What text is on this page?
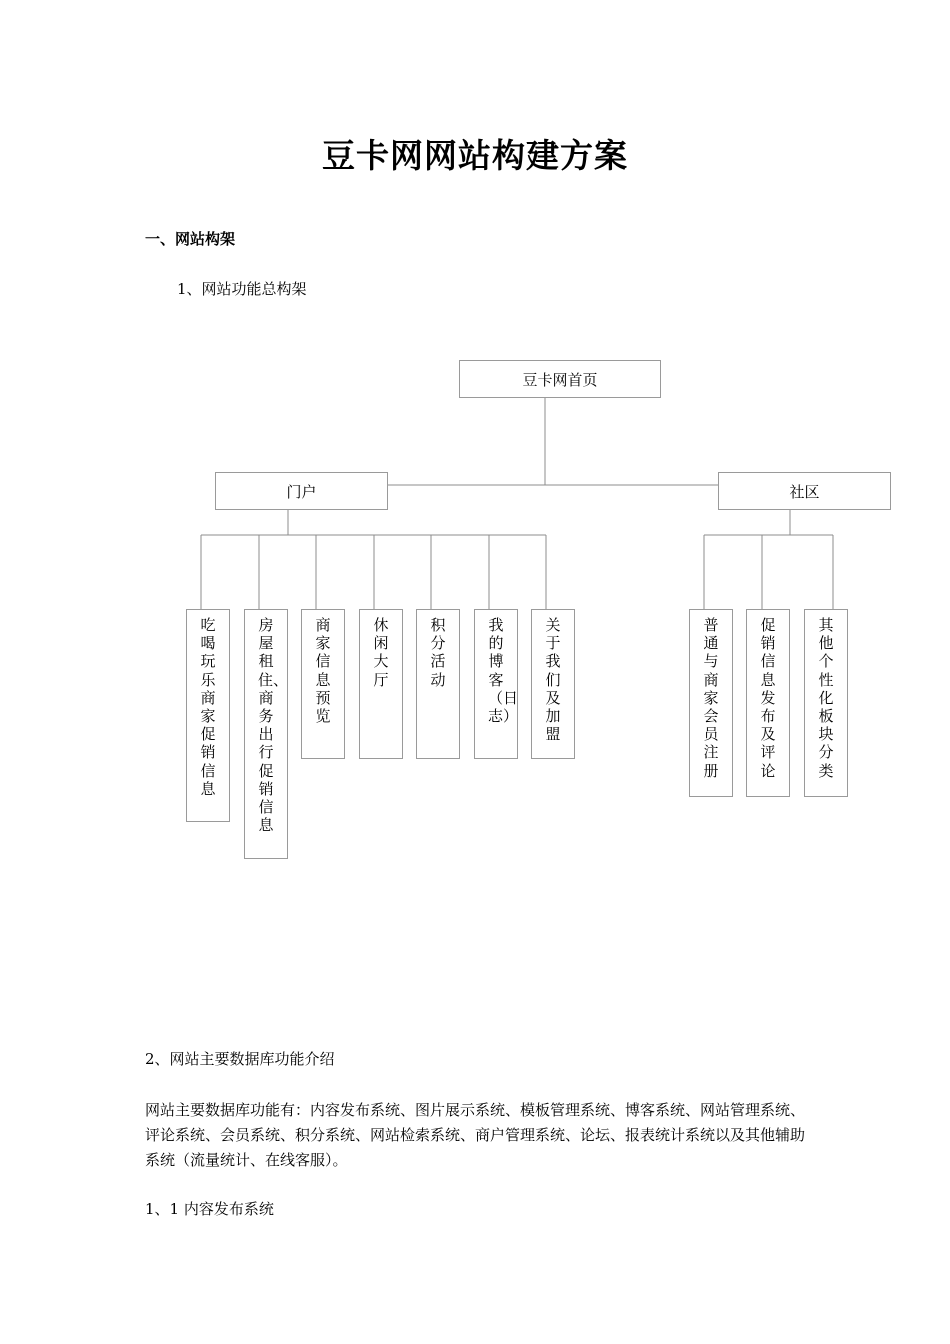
豆卡网网站构建方案
一、网站构架
1、网站功能总构架
豆卡网首页
门户	社区
吃喝玩乐商家促销信息
房屋租住、商务出行促销信息
商家信息预览
休闲大厅
积分活动
我的博客（日志）
关于我们及加盟
普通与商家会员注册
促销信息发布及评论
其他个性化板块分类
2、网站主要数据库功能介绍
网站主要数据库功能有：内容发布系统、图片展示系统、模板管理系统、博客系统、网站管理系统、评论系统、会员系统、积分系统、网站检索系统、商户管理系统、论坛、报表统计系统以及其他辅助系统（流量统计、在线客服）。
1、1 内容发布系统
